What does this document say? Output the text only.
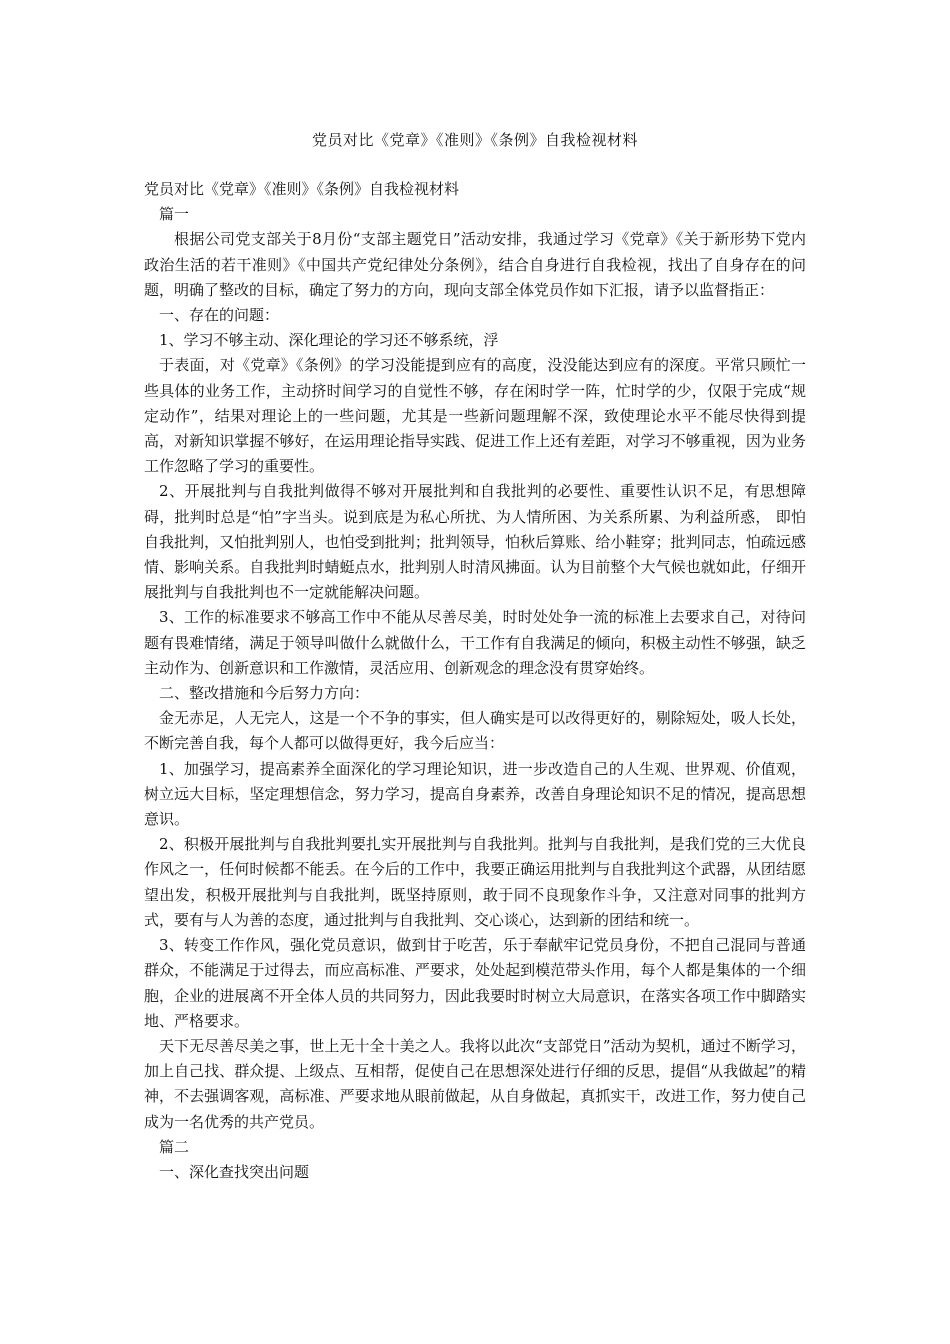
党员对比《党章》《准则》《条例》自我检视材料

党员对比《党章》《准则》《条例》自我检视材料

篇一

根据公司党支部关于8月份“支部主题党日”活动安排，我通过学习《党章》《关于新形势下党内政治生活的若干准则》《中国共产党纪律处分条例》，结合自身进行自我检视，找出了自身存在的问题，明确了整改的目标，确定了努力的方向，现向支部全体党员作如下汇报，请予以监督指正：

一、存在的问题：

1、学习不够主动、深化理论的学习还不够系统，浮

于表面，对《党章》《条例》的学习没能提到应有的高度，没没能达到应有的深度。平常只顾忙一些具体的业务工作，主动挤时间学习的自觉性不够，存在闲时学一阵，忙时学的少，仅限于完成“规定动作”，结果对理论上的一些问题，尤其是一些新问题理解不深，致使理论水平不能尽快得到提高，对新知识掌握不够好，在运用理论指导实践、促进工作上还有差距，对学习不够重视，因为业务工作忽略了学习的重要性。

2、开展批判与自我批判做得不够对开展批判和自我批判的必要性、重要性认识不足，有思想障碍，批判时总是“怕”字当头。说到底是为私心所扰、为人情所困、为关系所累、为利益所惑， 即怕自我批判，又怕批判别人，也怕受到批判；批判领导，怕秋后算账、给小鞋穿；批判同志，怕疏远感情、影响关系。自我批判时蜻蜓点水，批判别人时清风拂面。认为目前整个大气候也就如此，仔细开展批判与自我批判也不一定就能解决问题。

3、工作的标准要求不够高工作中不能从尽善尽美，时时处处争一流的标准上去要求自己，对待问题有畏难情绪，满足于领导叫做什么就做什么，干工作有自我满足的倾向，积极主动性不够强，缺乏主动作为、创新意识和工作激情，灵活应用、创新观念的理念没有贯穿始终。

二、整改措施和今后努力方向：

金无赤足，人无完人，这是一个不争的事实，但人确实是可以改得更好的，剔除短处，吸人长处，不断完善自我，每个人都可以做得更好，我今后应当：

1、加强学习，提高素养全面深化的学习理论知识，进一步改造自己的人生观、世界观、价值观，树立远大目标，坚定理想信念，努力学习，提高自身素养，改善自身理论知识不足的情况，提高思想意识。

2、积极开展批判与自我批判要扎实开展批判与自我批判。批判与自我批判，是我们党的三大优良作风之一，任何时候都不能丢。在今后的工作中，我要正确运用批判与自我批判这个武器，从团结愿望出发，积极开展批判与自我批判，既坚持原则，敢于同不良现象作斗争，又注意对同事的批判方式，要有与人为善的态度，通过批判与自我批判、交心谈心，达到新的团结和统一。

3、转变工作作风，强化党员意识，做到甘于吃苦，乐于奉献牢记党员身份，不把自己混同与普通群众，不能满足于过得去，而应高标准、严要求，处处起到模范带头作用，每个人都是集体的一个细胞，企业的进展离不开全体人员的共同努力，因此我要时时树立大局意识，在落实各项工作中脚踏实地、严格要求。

天下无尽善尽美之事，世上无十全十美之人。我将以此次“支部党日”活动为契机，通过不断学习，加上自己找、群众提、上级点、互相帮，促使自己在思想深处进行仔细的反思，提倡“从我做起”的精神，不去强调客观，高标准、严要求地从眼前做起，从自身做起，真抓实干，改进工作，努力使自己成为一名优秀的共产党员。

篇二

一、深化查找突出问题
